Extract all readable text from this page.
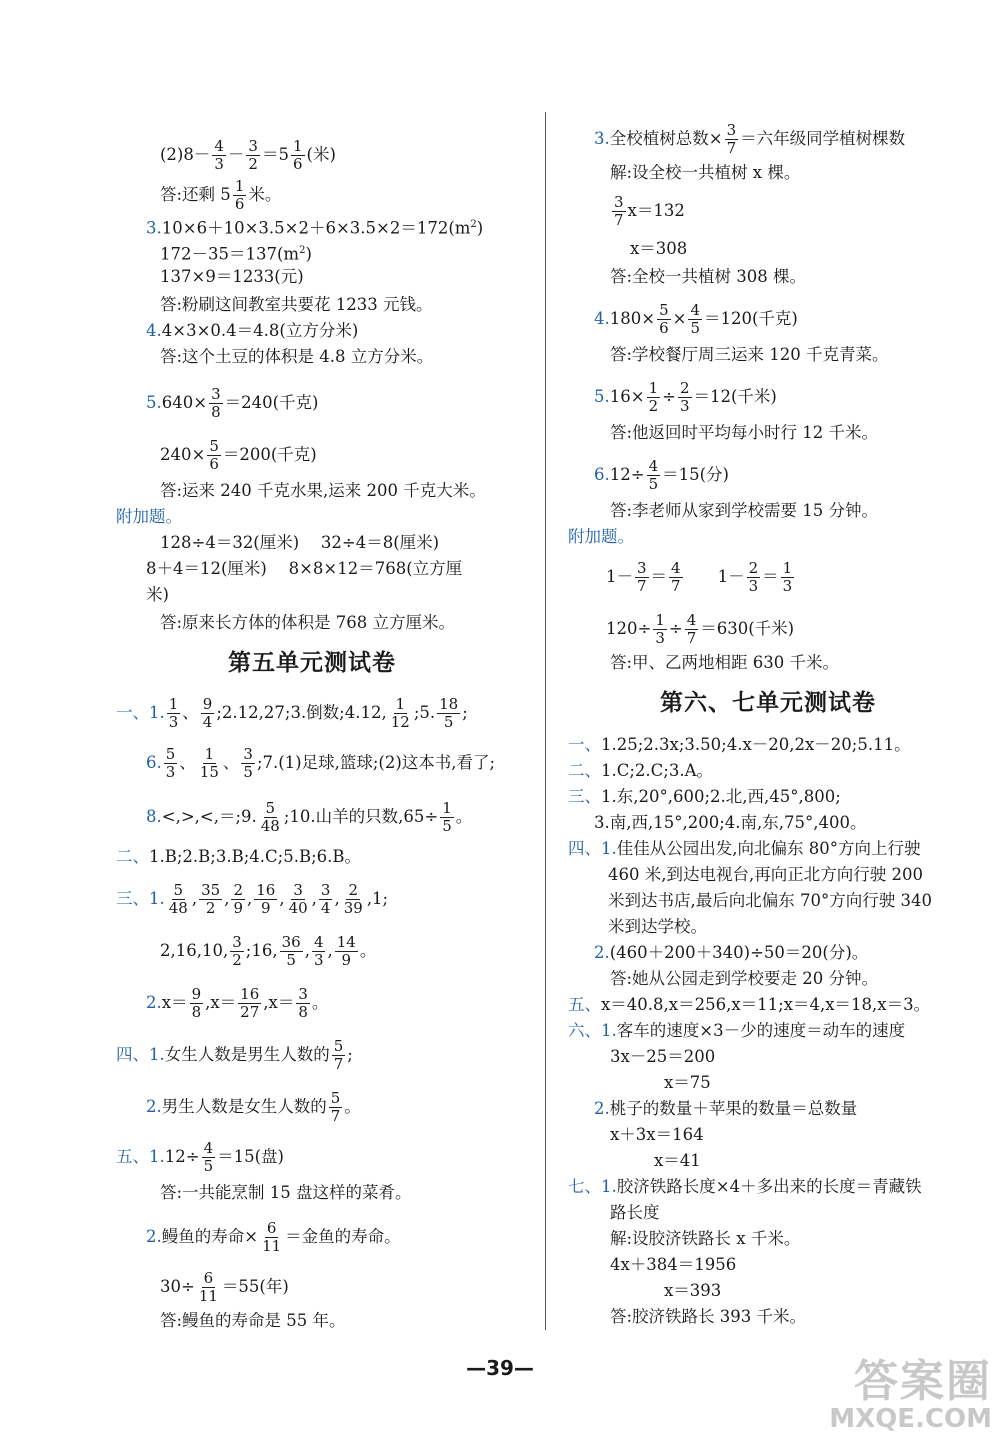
$(2)8- \frac{4}{3} - \frac{3}{2} =5 \frac{1}{6}$ (米)
答:还剩 $5 \frac{1}{6}$ 米。
$3.10\times 6+10\times 3.5\times 2+6\times 3.5\times 2=172(m^2)$
$172-35=137(m^2)$
137×9＝1233(元)
答:粉刷这间教室共要花 1233 元钱。
4.4×3×0.4＝4.8(立方分米)
答:这个土豆的体积是 4.8 立方分米。
$5.640\times \frac{3}{8} =240$(千克)
$240\times \frac{5}{6} =200$(千克)
答:运来 240 千克水果,运来 200 千克大米。
附加题。
128÷4＝32(厘米)　 32÷4＝8(厘米)
8＋4＝12(厘米)　 8×8×12＝768(立方厘
米)
答:原来长方体的体积是 768 立方厘米。
第五单元测试卷
一、1. $\frac{1}{3}$ 、 $\frac{9}{4}$ ;2.12,27;3.倒数;4.12, $\frac{1}{12}$ ;5. $\frac{18}{5}$ ;
6. $\frac{5}{3}$ 、 $\frac{1}{15}$ 、 $\frac{3}{5}$ ;7.(1)足球,篮球;(2)这本书,看了;
8.<,>,<,＝;9. $\frac{5}{48}$ ;10.山羊的只数$,65\div \frac{1}{5}$ 。
二、1.B;2.B;3.B;4.C;5.B;6.B。
三、1. $\frac{5}{48}$ , $\frac{35}{2}$ , $\frac{2}{9}$ , $\frac{16}{9}$ , $\frac{3}{40}$ , $\frac{3}{4}$ , $\frac{2}{39} ,1$;
2,16,10, $\frac{3}{2}$ ;16, $\frac{36}{5}$ , $\frac{4}{3}$ , $\frac{14}{9}$ 。
$2.x= \frac{9}{8} ,x= \frac{16}{27} ,x= \frac{3}{8}$ 。
四、1.女生人数是男生人数的 $\frac{5}{7}$ ;
2.男生人数是女生人数的 $\frac{5}{7}$ 。
五、$1.12\div \frac{4}{5} =15$(盘)
答:一共能烹制 15 盘这样的菜肴。
2.鳗鱼的寿命× $\frac{6}{11}$ ＝金鱼的寿命。
$30\div \frac{6}{11} =55$(年)
答:鳗鱼的寿命是 55 年。
3.全校植树总数× $\frac{3}{7}$ ＝六年级同学植树棵数
解:设全校一共植树 x 棵。
$\frac{3}{7} x=132$
x＝308
答:全校一共植树 308 棵。
$4.180\times \frac{5}{6} \times \frac{4}{5} =120$(千克)
答:学校餐厅周三运来 120 千克青菜。
$5.16\times \frac{1}{2} \div \frac{2}{3} =12$(千米)
答:他返回时平均每小时行 12 千米。
$6.12\div \frac{4}{5} =15$(分)
答:李老师从家到学校需要 15 分钟。
附加题。
$1- \frac{3}{7} = \frac{4}{7}$ 　　$1- \frac{2}{3} = \frac{1}{3}$
$120\div \frac{1}{3} \div \frac{4}{7} =630$(千米)
答:甲、乙两地相距 630 千米。
第六、七单元测试卷
一、1.25;2.3x;3.50;4.x－20,2x－20;5.11。
二、1.C;2.C;3.A。
三、1.东,20°,600;2.北,西,45°,800;
3.南,西,15°,200;4.南,东,75°,400。
四、1.佳佳从公园出发,向北偏东 80°方向上行驶
460 米,到达电视台,再向正北方向行驶 200
米到达书店,最后向北偏东 70°方向行驶 340
米到达学校。
2.(460＋200＋340)÷50＝20(分)。
答:她从公园走到学校要走 20 分钟。
五、x＝40.8,x＝256,x＝11;x＝4,x＝18,x＝3。
六、1.客车的速度×3－少的速度＝动车的速度
3x－25＝200
x＝75
2.桃子的数量＋苹果的数量＝总数量
x＋3x＝164
x＝41
七、1.胶济铁路长度×4＋多出来的长度＝青藏铁
路长度
解:设胶济铁路长 x 千米。
4x＋384＝1956
x＝393
答:胶济铁路长 393 千米。
—39—	答案圈
MXQE.COM
